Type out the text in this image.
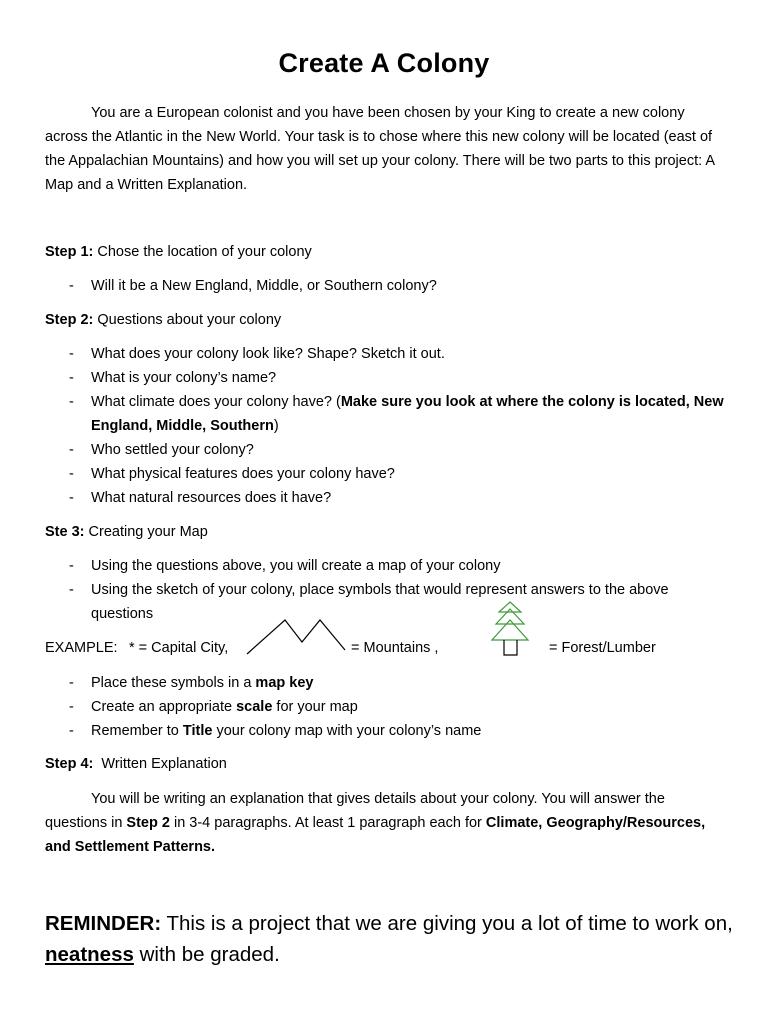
Create A Colony

You are a European colonist and you have been chosen by your King to create a new colony across the Atlantic in the New World. Your task is to chose where this new colony will be located (east of the Appalachian Mountains) and how you will set up your colony. There will be two parts to this project: A Map and a Written Explanation.

Step 1: Chose the location of your colony

- Will it be a New England, Middle, or Southern colony?

Step 2: Questions about your colony

- What does your colony look like? Shape? Sketch it out.
- What is your colony’s name?
- What climate does your colony have? (Make sure you look at where the colony is located, New England, Middle, Southern)
- Who settled your colony?
- What physical features does your colony have?
- What natural resources does it have?

Ste 3: Creating your Map

- Using the questions above, you will create a map of your colony
- Using the sketch of your colony, place symbols that would represent answers to the above questions
EXAMPLE: * = Capital City,	= Mountains ,	= Forest/Lumber
- Place these symbols in a map key
- Create an appropriate scale for your map
- Remember to Title your colony map with your colony’s name

Step 4:  Written Explanation

You will be writing an explanation that gives details about your colony. You will answer the questions in Step 2 in 3-4 paragraphs. At least 1 paragraph each for Climate, Geography/Resources, and Settlement Patterns.

REMINDER: This is a project that we are giving you a lot of time to work on, neatness with be graded.
